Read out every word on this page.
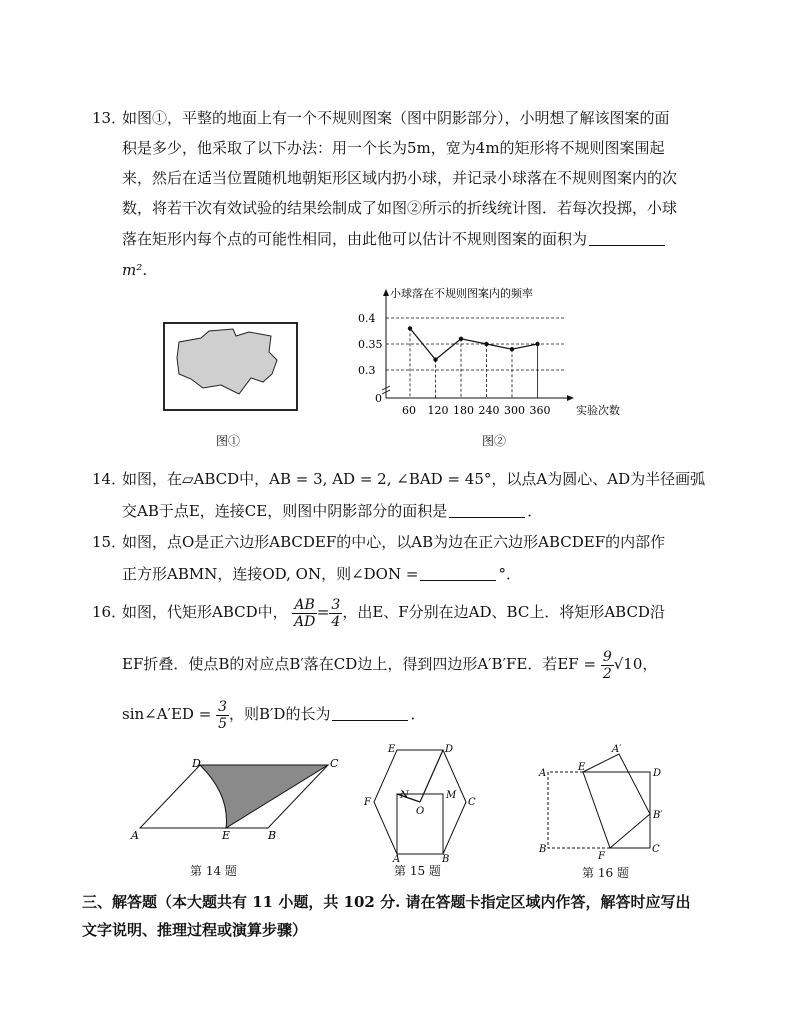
13．
如图①，平整的地面上有一个不规则图案（图中阴影部分），小明想了解该图案的面
积是多少，他采取了以下办法：用一个长为5m，宽为4m的矩形将不规则图案围起
来，然后在适当位置随机地朝矩形区域内扔小球，并记录小球落在不规则图案内的次
数，将若干次有效试验的结果绘制成了如图②所示的折线统计图．若每次投掷，小球
落在矩形内每个点的可能性相同，由此他可以估计不规则图案的面积为
m²．
图①
小球落在不规则图案内的频率
实验次数
0
0.4
0.35
0.3
60 120 180 240 300 360
图②
14．
如图，在▱ABCD中，AB = 3, AD = 2, ∠BAD = 45°，以点A为圆心、AD为半径画弧
交AB于点E，连接CE，则图中阴影部分的面积是	．
15．
如图，点O是正六边形ABCDEF的中心，以AB为边在正六边形ABCDEF的内部作
正方形ABMN，连接OD, ON，则∠DON =	°．
16．
如图，代矩形ABCD中， $\frac{AB}{AD} = \frac{3}{4}$ ，出E、F分别在边AD、BC上．将矩形ABCD沿
EF折叠．使点B的对应点B′落在CD边上，得到四边形A′B′FE．若EF = $\frac{9}{2} √10$，
sin∠A′ED = $\frac{3}{5}$ ，则B′D的长为	．
A	E	B
D	C
第 14 题
E	D
F	C
N	M
O
A	B
第 15 题
A
E
A′
D
B′
B
F
C
第 16 题
三、解答题（本大题共有 11 小题，共 102 分. 请在答题卡指定区域内作答，解答时应写出
文字说明、推理过程或演算步骤）
